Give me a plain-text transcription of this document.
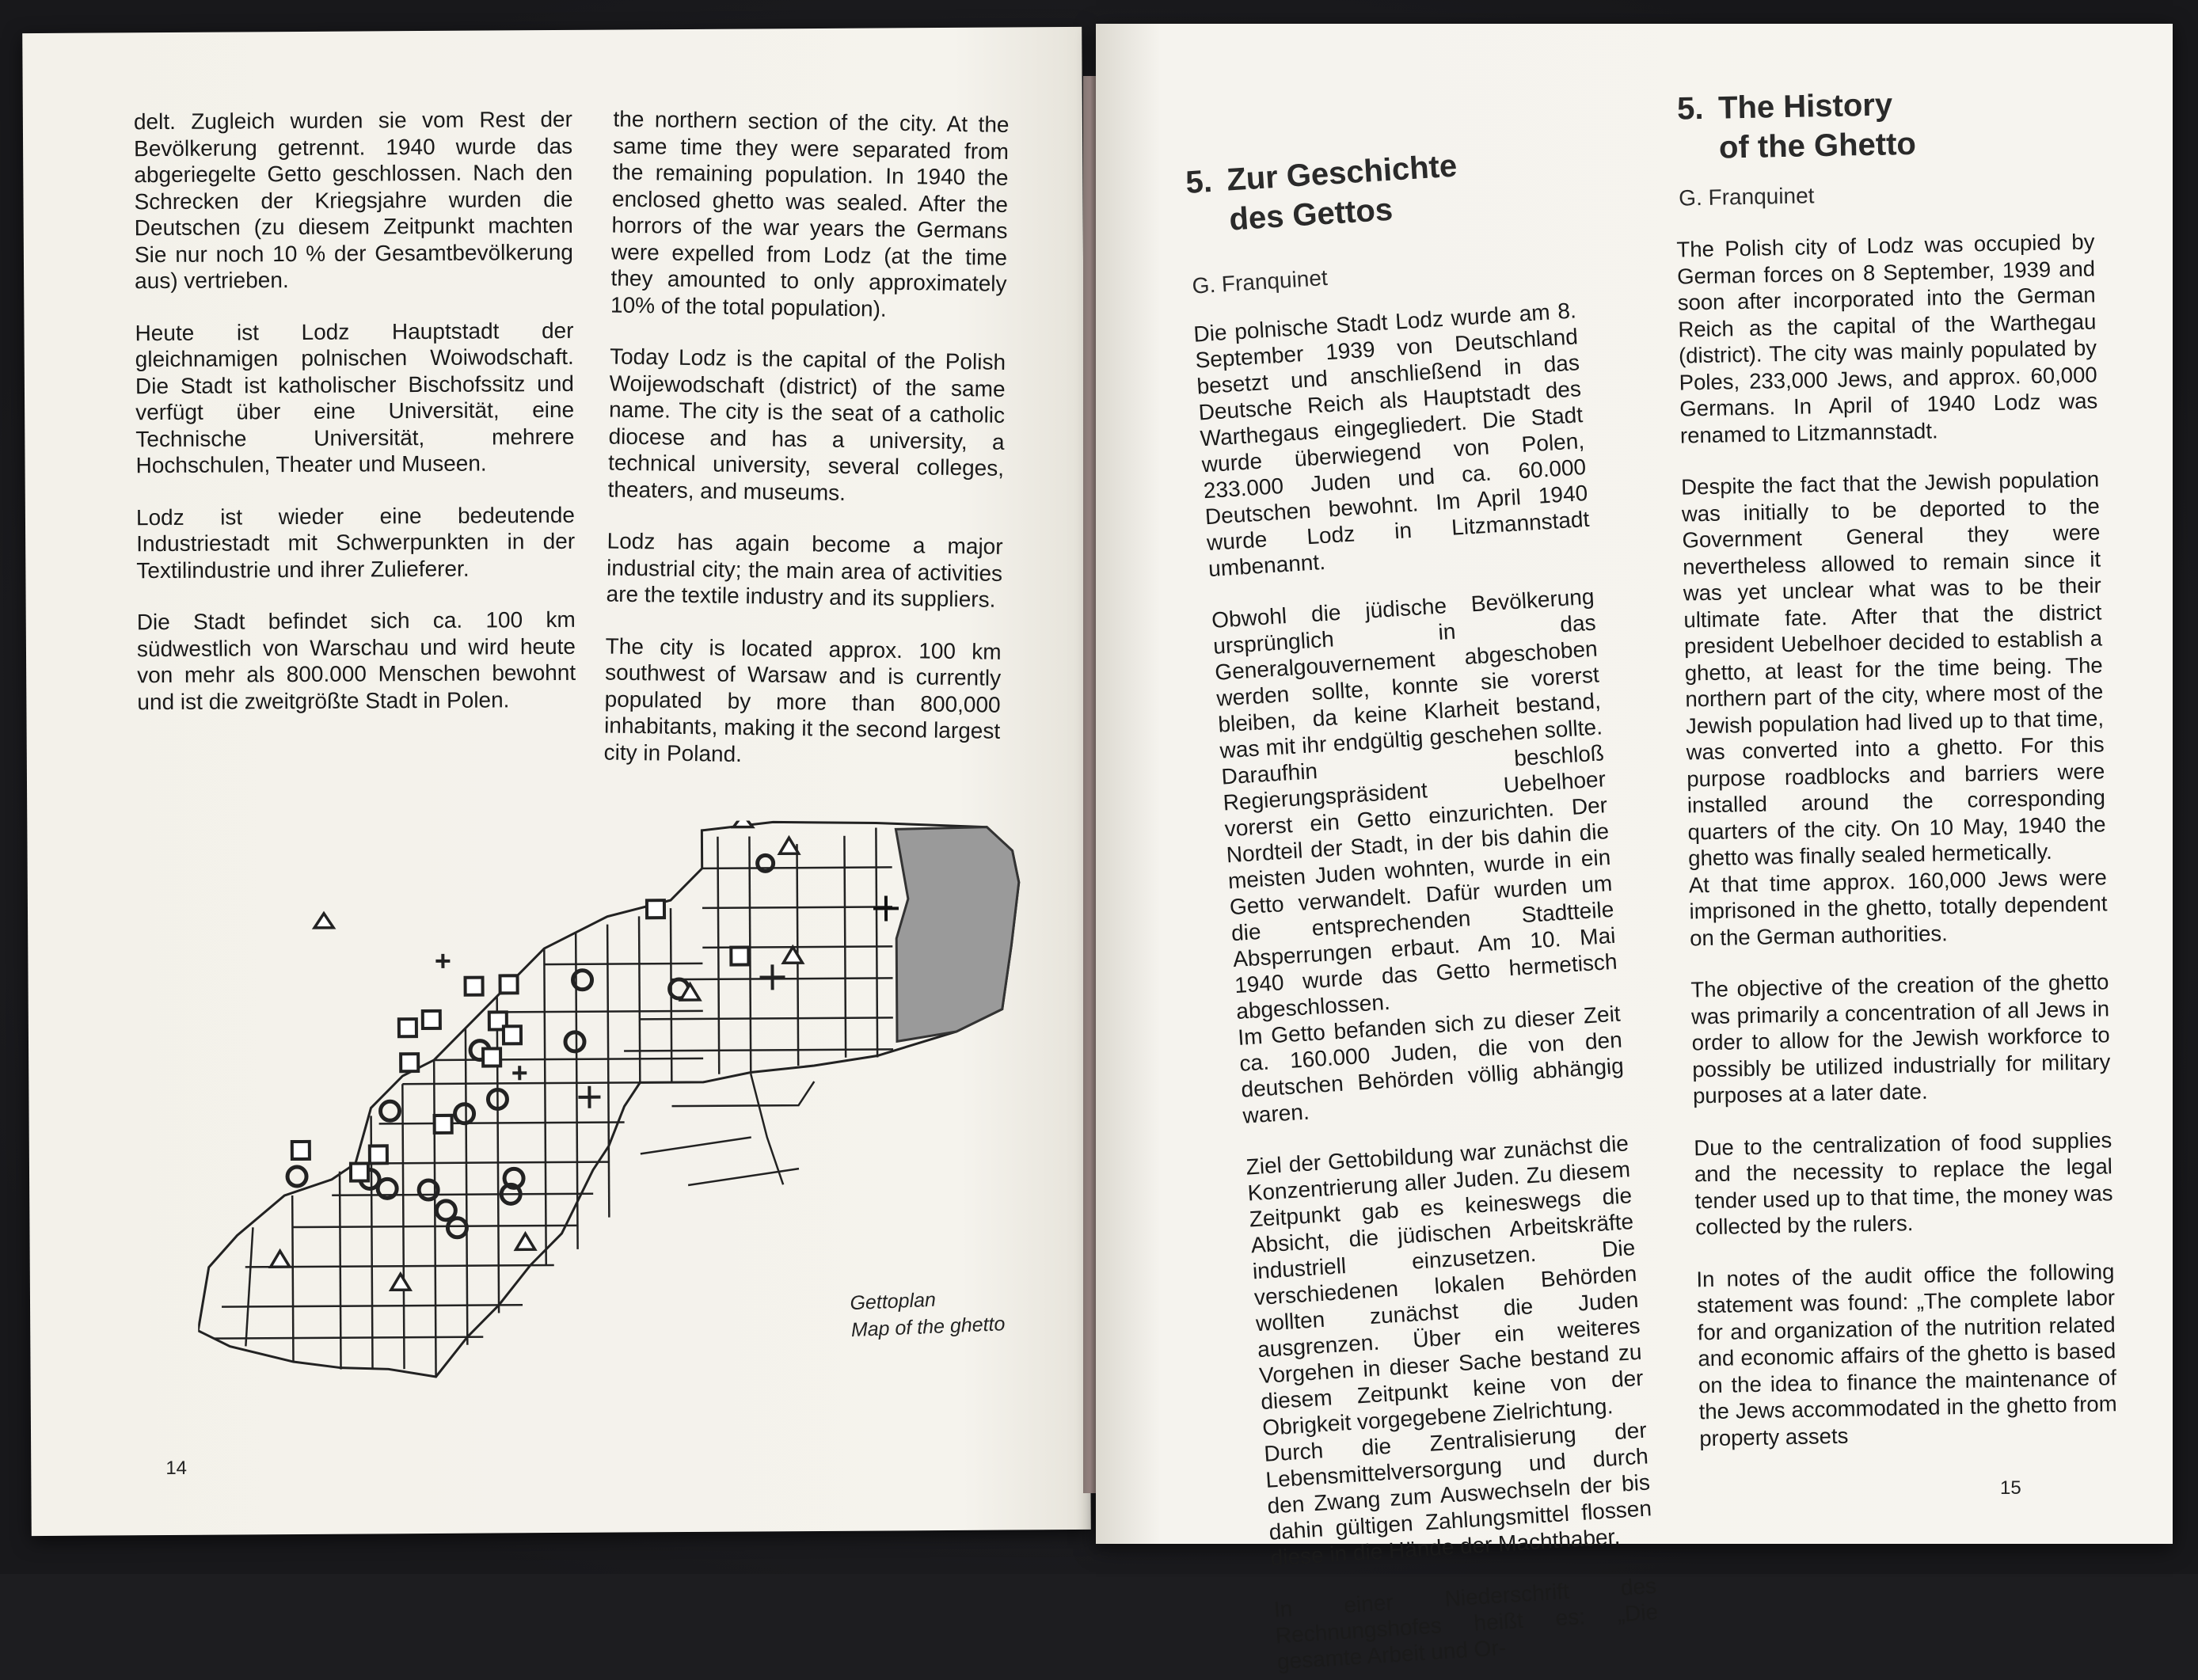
delt. Zugleich wurden sie vom Rest der Bevölkerung getrennt. 1940 wurde das abgeriegelte Getto geschlossen. Nach den Schrecken der Kriegsjahre wurden die Deutschen (zu diesem Zeitpunkt machten Sie nur noch 10 % der Gesamtbevölkerung aus) vertrieben.

Heute ist Lodz Hauptstadt der gleichnamigen polnischen Woiwodschaft. Die Stadt ist katholischer Bischofssitz und verfügt über eine Universität, eine Technische Universität, mehrere Hochschulen, Theater und Museen.

Lodz ist wieder eine bedeutende Industriestadt mit Schwerpunkten in der Textilindustrie und ihrer Zulieferer.

Die Stadt befindet sich ca. 100 km südwestlich von Warschau und wird heute von mehr als 800.000 Menschen bewohnt und ist die zweitgrößte Stadt in Polen.

the northern section of the city. At the same time they were separated from the remaining population. In 1940 the enclosed ghetto was sealed. After the horrors of the war years the Germans were expelled from Lodz (at the time they amounted to only approximately 10% of the total population).

Today Lodz is the capital of the Polish Woijewodschaft (district) of the same name. The city is the seat of a catholic diocese and has a university, a technical university, several colleges, theaters, and museums.

Lodz has again become a major industrial city; the main area of activities are the textile industry and its suppliers.

The city is located approx. 100 km southwest of Warsaw and is currently populated by more than 800,000 inhabitants, making it the second largest city in Poland.

Gettoplan
Map of the ghetto
14
5. Zur Geschichte
des Gettos
G. Franquinet

Die polnische Stadt Lodz wurde am 8. September 1939 von Deutschland besetzt und anschließend in das Deutsche Reich als Hauptstadt des Warthegaus eingegliedert. Die Stadt wurde überwiegend von Polen, 233.000 Juden und ca. 60.000 Deutschen bewohnt. Im April 1940 wurde Lodz in Litzmannstadt umbenannt.

Obwohl die jüdische Bevölkerung ursprünglich in das Generalgouvernement abgeschoben werden sollte, konnte sie vorerst bleiben, da keine Klarheit bestand, was mit ihr endgültig geschehen sollte. Daraufhin beschloß Regierungspräsident Uebelhoer vorerst ein Getto einzurichten. Der Nordteil der Stadt, in der bis dahin die meisten Juden wohnten, wurde in ein Getto verwandelt. Dafür wurden um die entsprechenden Stadtteile Absperrungen erbaut. Am 10. Mai 1940 wurde das Getto hermetisch abgeschlossen.
Im Getto befanden sich zu dieser Zeit ca. 160.000 Juden, die von den deutschen Behörden völlig abhängig waren.

Ziel der Gettobildung war zunächst die Konzentrierung aller Juden. Zu diesem Zeitpunkt gab es keineswegs die Absicht, die jüdischen Arbeitskräfte industriell einzusetzen. Die verschiedenen lokalen Behörden wollten zunächst die Juden ausgrenzen. Über ein weiteres Vorgehen in dieser Sache bestand zu diesem Zeitpunkt keine von der Obrigkeit vorgegebene Zielrichtung.
Durch die Zentralisierung der Lebensmittelversorgung und durch den Zwang zum Auswechseln der bis dahin gültigen Zahlungsmittel flossen diese in die Hände der Machthaber.

In einer Niederschrift des Rechnungshofes heißt es: „Die gesamte Arbeit und Or-

5. The History
of the Ghetto
G. Franquinet

The Polish city of Lodz was occupied by German forces on 8 September, 1939 and soon after incorporated into the German Reich as the capital of the Warthegau (district). The city was mainly populated by Poles, 233,000 Jews, and approx. 60,000 Germans. In April of 1940 Lodz was renamed to Litzmannstadt.

Despite the fact that the Jewish population was initially to be deported to the Government General they were nevertheless allowed to remain since it was yet unclear what was to be their ultimate fate. After that the district president Uebelhoer decided to establish a ghetto, at least for the time being. The northern part of the city, where most of the Jewish population had lived up to that time, was converted into a ghetto. For this purpose roadblocks and barriers were installed around the corresponding quarters of the city. On 10 May, 1940 the ghetto was finally sealed hermetically.
At that time approx. 160,000 Jews were imprisoned in the ghetto, totally dependent on the German authorities.

The objective of the creation of the ghetto was primarily a concentration of all Jews in order to allow for the Jewish workforce to possibly be utilized industrially for military purposes at a later date.

Due to the centralization of food supplies and the necessity to replace the legal tender used up to that time, the money was collected by the rulers.

In notes of the audit office the following statement was found: „The complete labor for and organization of the nutrition related and economic affairs of the ghetto is based on the idea to finance the maintenance of the Jews accommodated in the ghetto from property assets

15
